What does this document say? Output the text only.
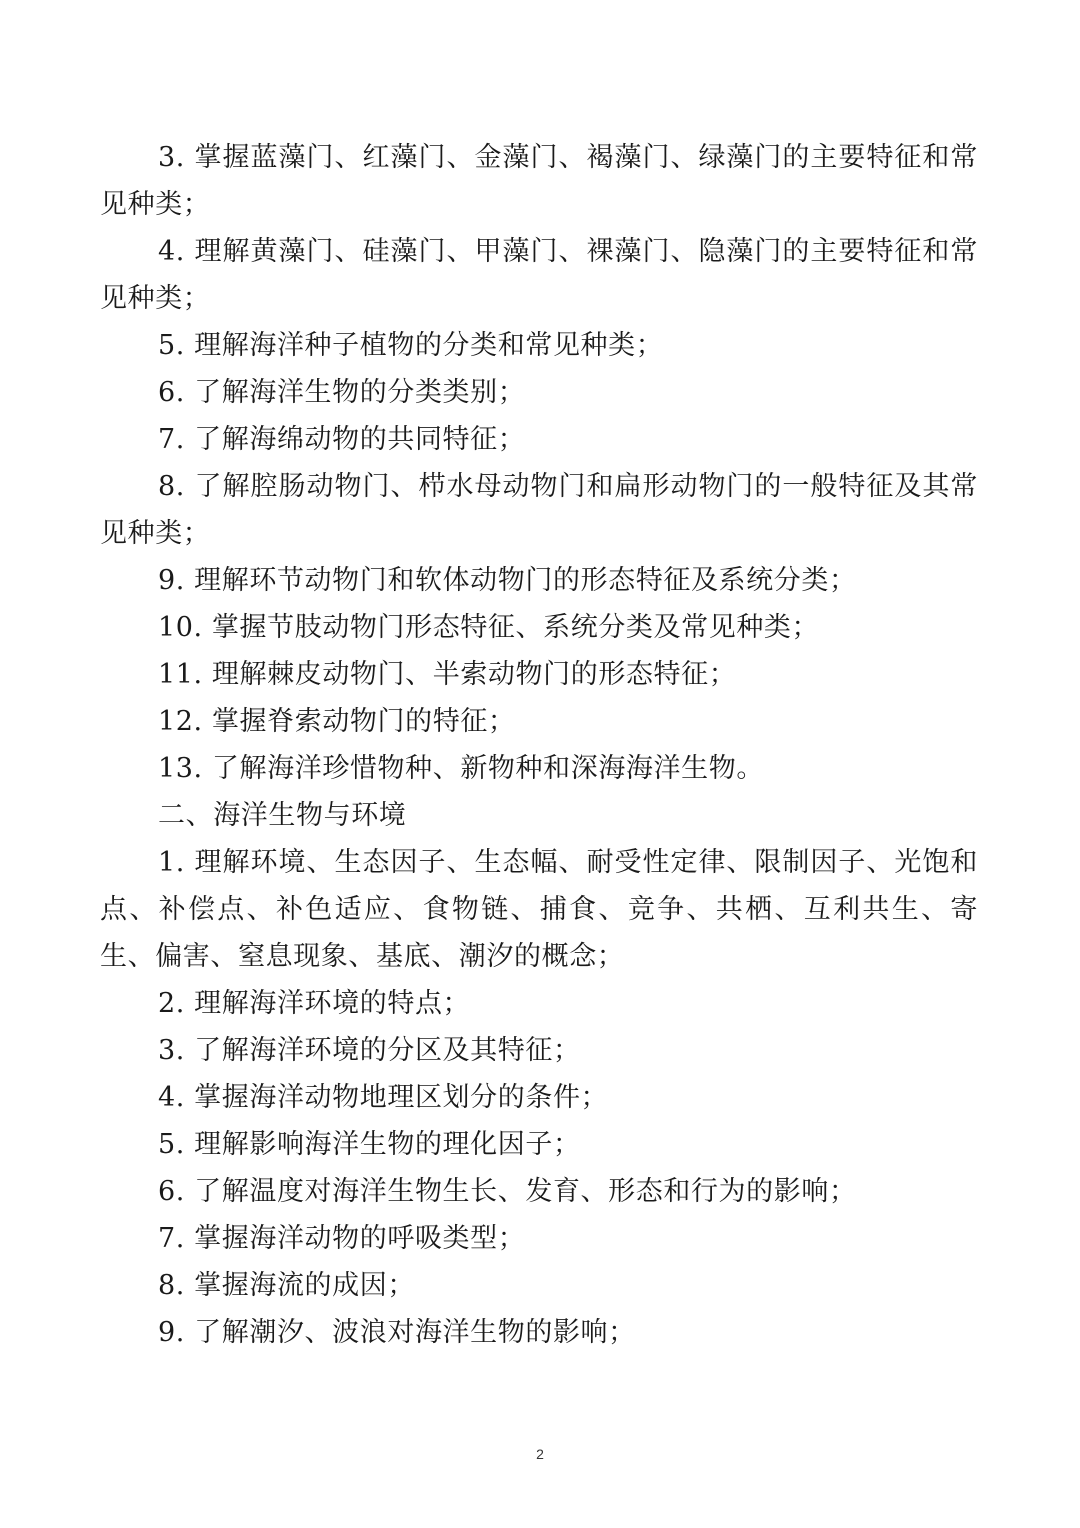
3. 掌握蓝藻门、红藻门、金藻门、褐藻门、绿藻门的主要特征和常见种类；

4. 理解黄藻门、硅藻门、甲藻门、裸藻门、隐藻门的主要特征和常见种类；

5. 理解海洋种子植物的分类和常见种类；

6. 了解海洋生物的分类类别；

7. 了解海绵动物的共同特征；

8. 了解腔肠动物门、栉水母动物门和扁形动物门的一般特征及其常见种类；

9. 理解环节动物门和软体动物门的形态特征及系统分类；

10. 掌握节肢动物门形态特征、系统分类及常见种类；

11. 理解棘皮动物门、半索动物门的形态特征；

12. 掌握脊索动物门的特征；

13. 了解海洋珍惜物种、新物种和深海海洋生物。

二、海洋生物与环境

1. 理解环境、生态因子、生态幅、耐受性定律、限制因子、光饱和点、补偿点、补色适应、食物链、捕食、竞争、共栖、互利共生、寄生、偏害、窒息现象、基底、潮汐的概念；

2. 理解海洋环境的特点；

3. 了解海洋环境的分区及其特征；

4. 掌握海洋动物地理区划分的条件；

5. 理解影响海洋生物的理化因子；

6. 了解温度对海洋生物生长、发育、形态和行为的影响；

7. 掌握海洋动物的呼吸类型；

8. 掌握海流的成因；

9. 了解潮汐、波浪对海洋生物的影响；

2
